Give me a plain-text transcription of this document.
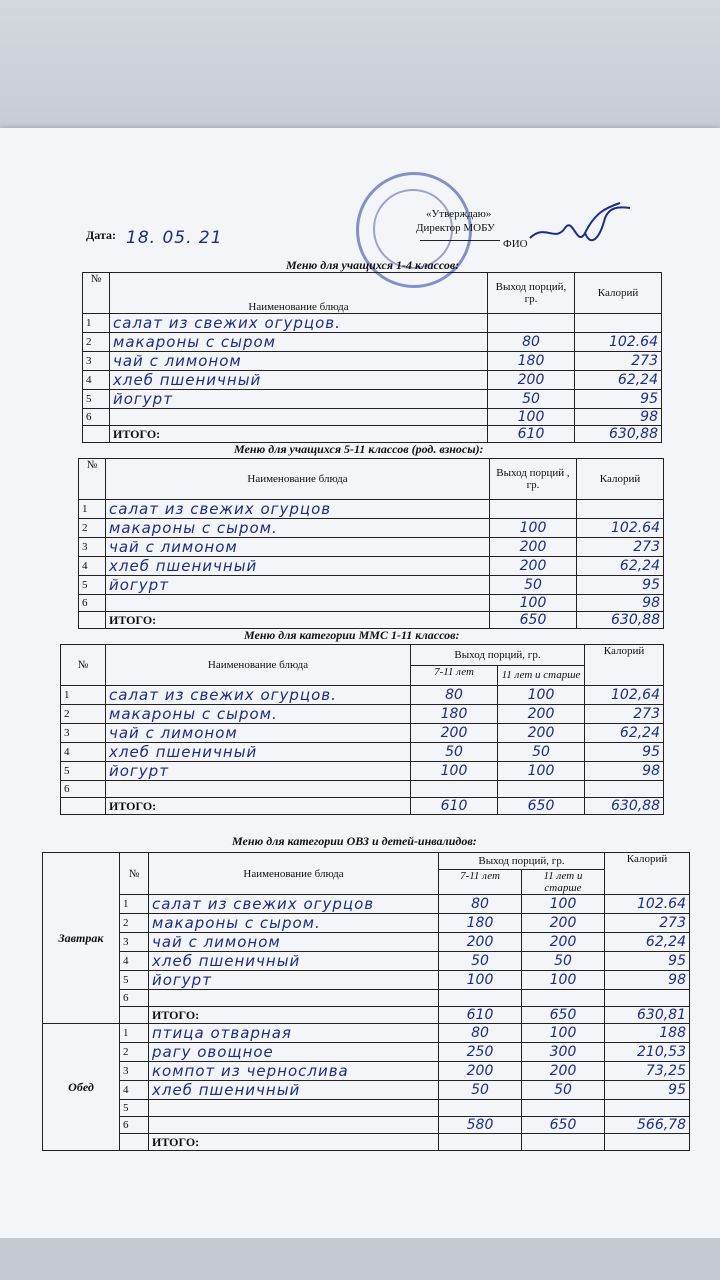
«Утверждаю»
Директор МОБУ
ФИО
Дата: 18. 05. 21
Меню для учащихся 1-4 классов:
№	Наименование блюда	Выход порций, гр.	Калорий
1	салат из свежих огурцов.		
2	макароны с сыром	80	102.64
3	чай с лимоном	180	273
4	хлеб пшеничный	200	62,24
5	йогурт	50	95
6		100	98
	ИТОГО:	610	630,88
Меню для учащихся 5-11 классов (род. взносы):
№	Наименование блюда	Выход порций , гр.	Калорий
1	салат из свежих огурцов		
2	макароны с сыром.	100	102.64
3	чай с лимоном	200	273
4	хлеб пшеничный	200	62,24
5	йогурт	50	95
6		100	98
	ИТОГО:	650	630,88
Меню для категории ММС 1-11 классов:
№	Наименование блюда	Выход порций, гр.		Калорий
		7-11 лет	11 лет и старше	
1	салат из свежих огурцов.	80	100	102,64
2	макароны с сыром.	180	200	273
3	чай с лимоном	200	200	62,24
4	хлеб пшеничный	50	50	95
5	йогурт	100	100	98
6				
	ИТОГО:	610	650	630,88
Меню для категории ОВЗ и детей-инвалидов:
Завтрак	№	Наименование блюда	Выход порций, гр.		Калорий
			7-11 лет	11 лет и старше	
	1	салат из свежих огурцов	80	100	102.64
	2	макароны с сыром.	180	200	273
	3	чай с лимоном	200	200	62,24
	4	хлеб пшеничный	50	50	95
	5	йогурт	100	100	98
	6				
		ИТОГО:	610	650	630,81
Обед	1	птица отварная	80	100	188
	2	рагу овощное	250	300	210,53
	3	компот из чернослива	200	200	73,25
	4	хлеб пшеничный	50	50	95
	5				
	6		580	650	566,78
		ИТОГО:			
